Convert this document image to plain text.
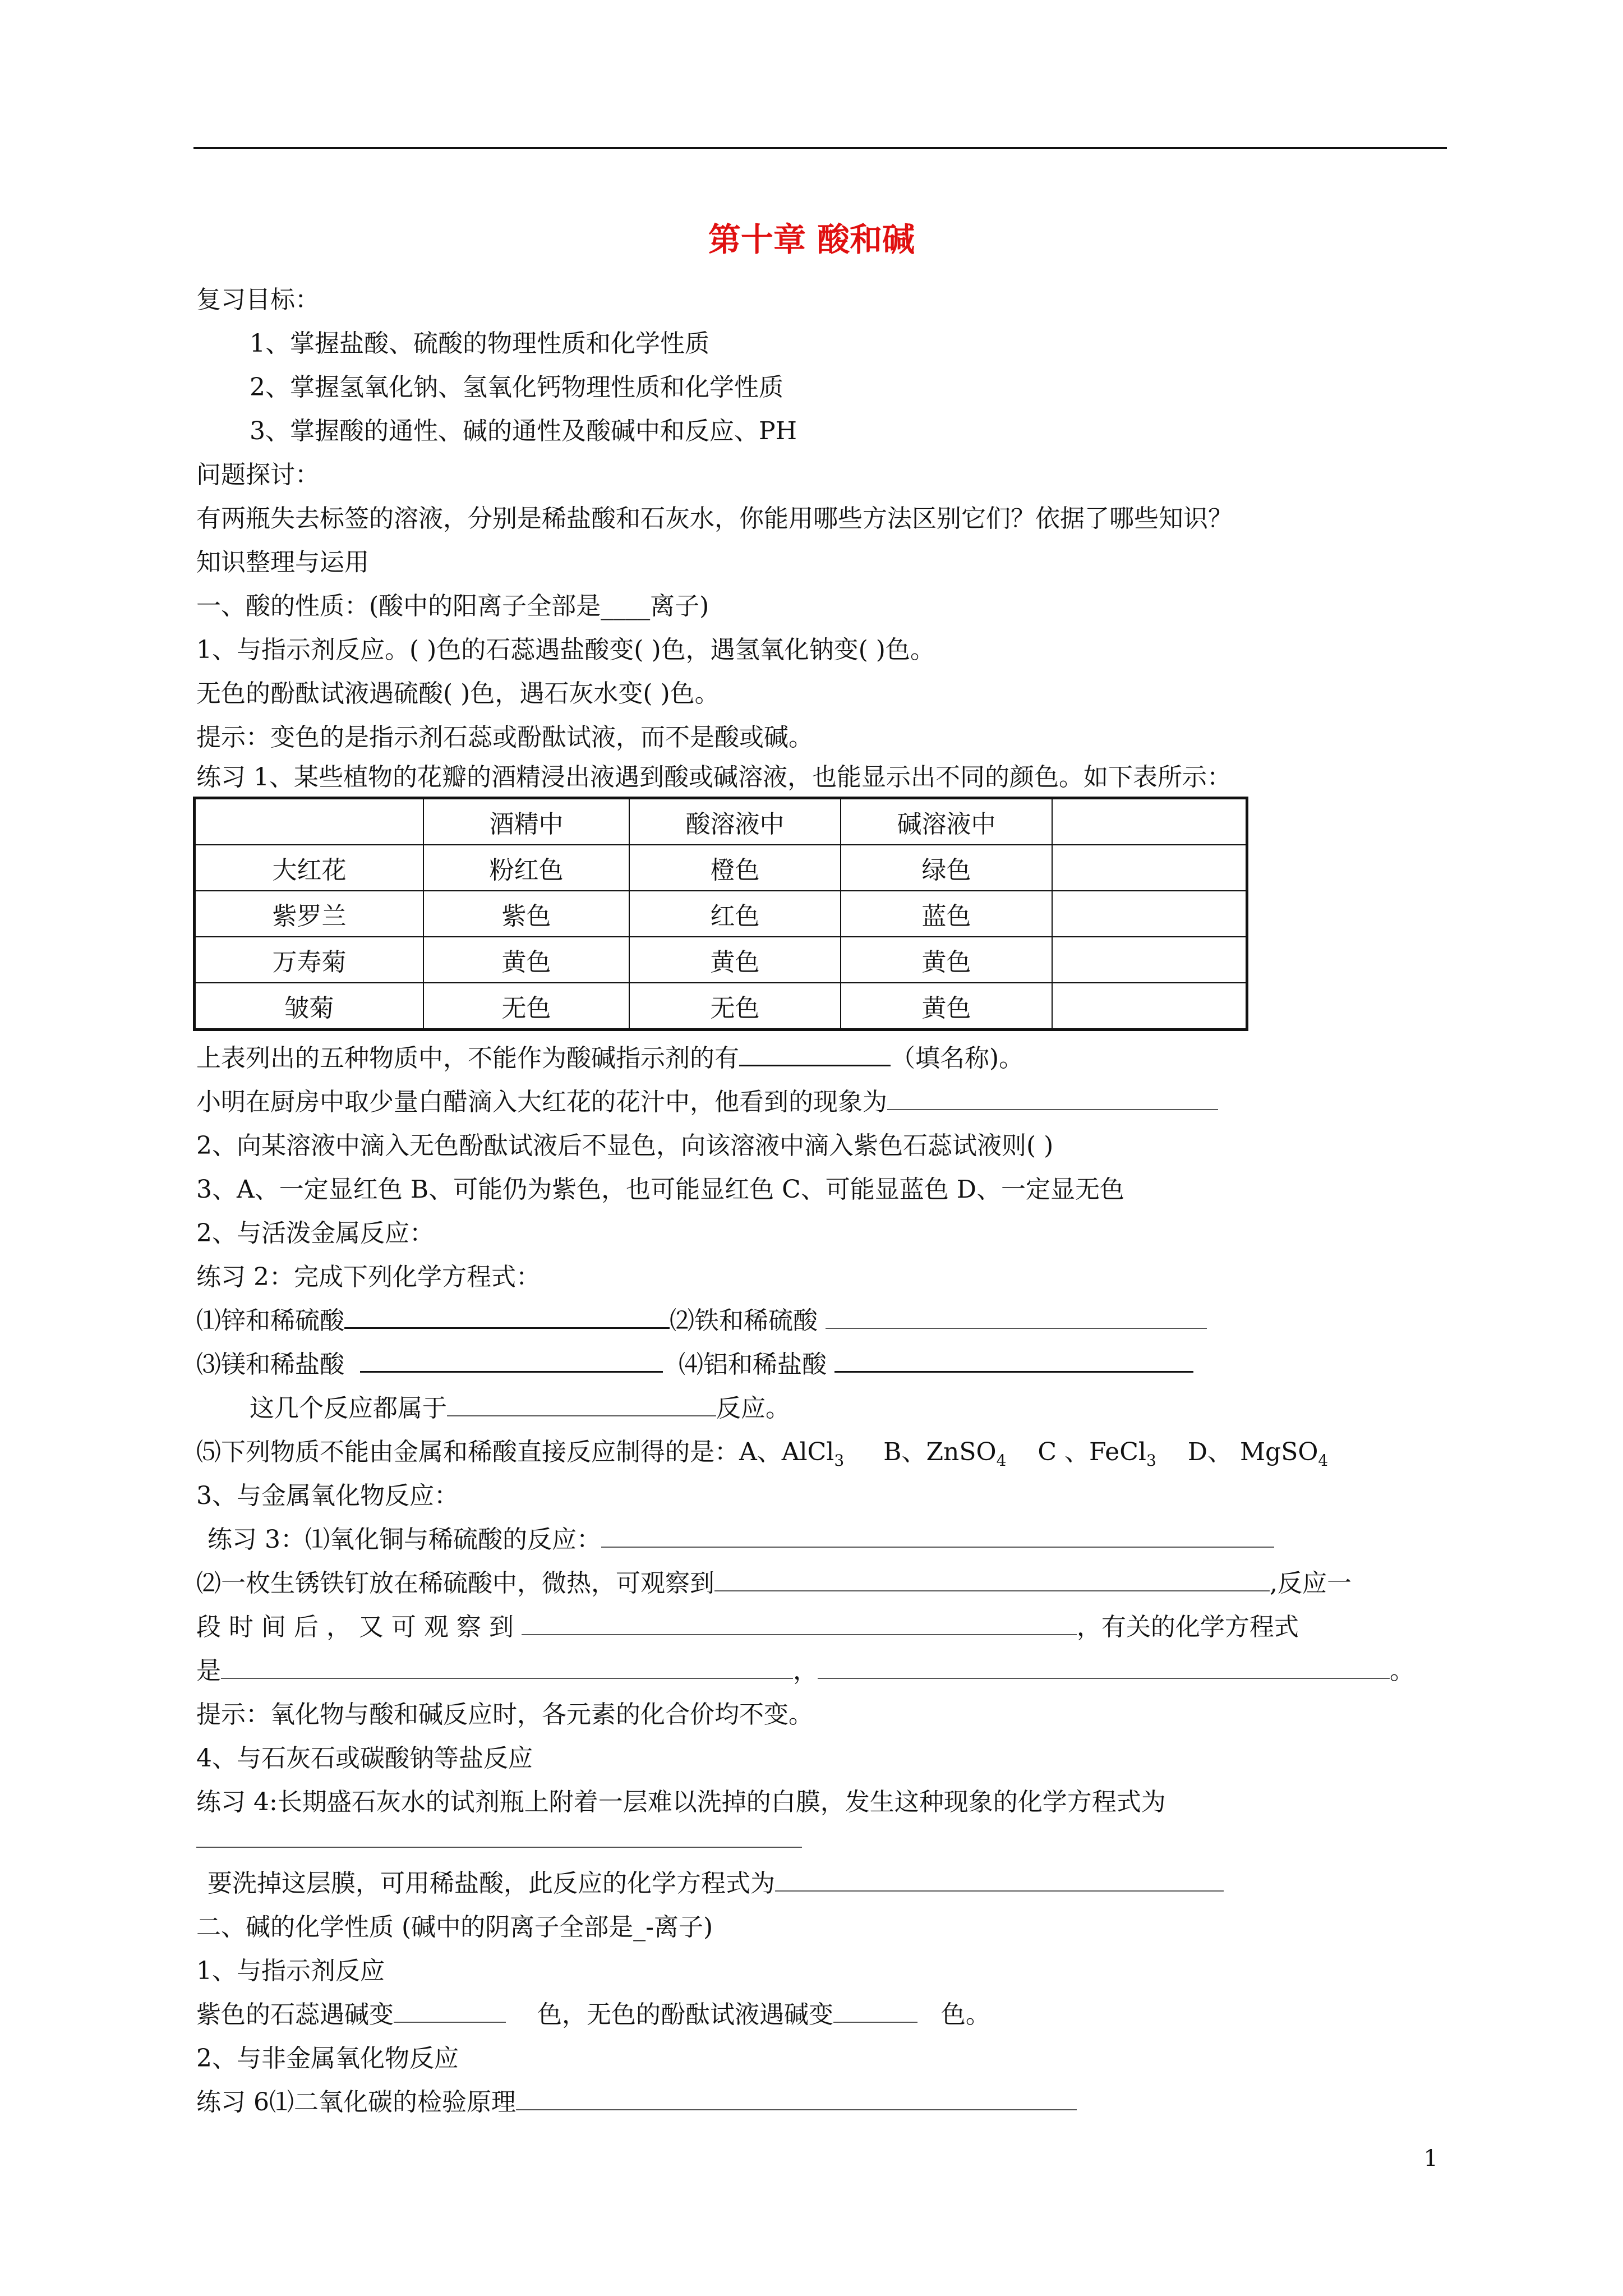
第十章 酸和碱
复习目标：
1、掌握盐酸、硫酸的物理性质和化学性质
2、掌握氢氧化钠、氢氧化钙物理性质和化学性质
3、掌握酸的通性、碱的通性及酸碱中和反应、PH
问题探讨：
有两瓶失去标签的溶液，分别是稀盐酸和石灰水，你能用哪些方法区别它们？依据了哪些知识？
知识整理与运用
一、酸的性质：(酸中的阳离子全部是____离子)
1、与指示剂反应。( )色的石蕊遇盐酸变( )色，遇氢氧化钠变( )色。
无色的酚酞试液遇硫酸( )色，遇石灰水变( )色。
提示：变色的是指示剂石蕊或酚酞试液，而不是酸或碱。
练习 1、某些植物的花瓣的酒精浸出液遇到酸或碱溶液，也能显示出不同的颜色。如下表所示：
	酒精中	酸溶液中	碱溶液中	
大红花	粉红色	橙色	绿色	
紫罗兰	紫色	红色	蓝色	
万寿菊	黄色	黄色	黄色	
皱菊	无色	无色	黄色	
上表列出的五种物质中，不能作为酸碱指示剂的有	（填名称)。
小明在厨房中取少量白醋滴入大红花的花汁中，他看到的现象为
2、向某溶液中滴入无色酚酞试液后不显色，向该溶液中滴入紫色石蕊试液则( )
3、A、一定显红色 B、可能仍为紫色，也可能显红色 C、可能显蓝色 D、一定显无色
2、与活泼金属反应：
练习 2：完成下列化学方程式：
⑴锌和稀硫酸	⑵铁和稀硫酸
⑶镁和稀盐酸	⑷铝和稀盐酸
这几个反应都属于	反应。
⑸下列物质不能由金属和稀酸直接反应制得的是：A、AlCl$_3$ B、ZnSO$_4$ C 、FeCl$_3$ D、 MgSO$_4$
3、与金属氧化物反应：
练习 3：⑴氧化铜与稀硫酸的反应：
⑵一枚生锈铁钉放在稀硫酸中，微热，可观察到	,反应一
段 时 间 后 ， 又 可 观 察 到	，有关的化学方程式
是	，	。
提示：氧化物与酸和碱反应时，各元素的化合价均不变。
4、与石灰石或碳酸钠等盐反应
练习 4:长期盛石灰水的试剂瓶上附着一层难以洗掉的白膜，发生这种现象的化学方程式为
要洗掉这层膜，可用稀盐酸，此反应的化学方程式为
二、碱的化学性质 (碱中的阴离子全部是_-离子)
1、与指示剂反应
紫色的石蕊遇碱变	色，无色的酚酞试液遇碱变	色。
2、与非金属氧化物反应
练习 6⑴二氧化碳的检验原理
1
